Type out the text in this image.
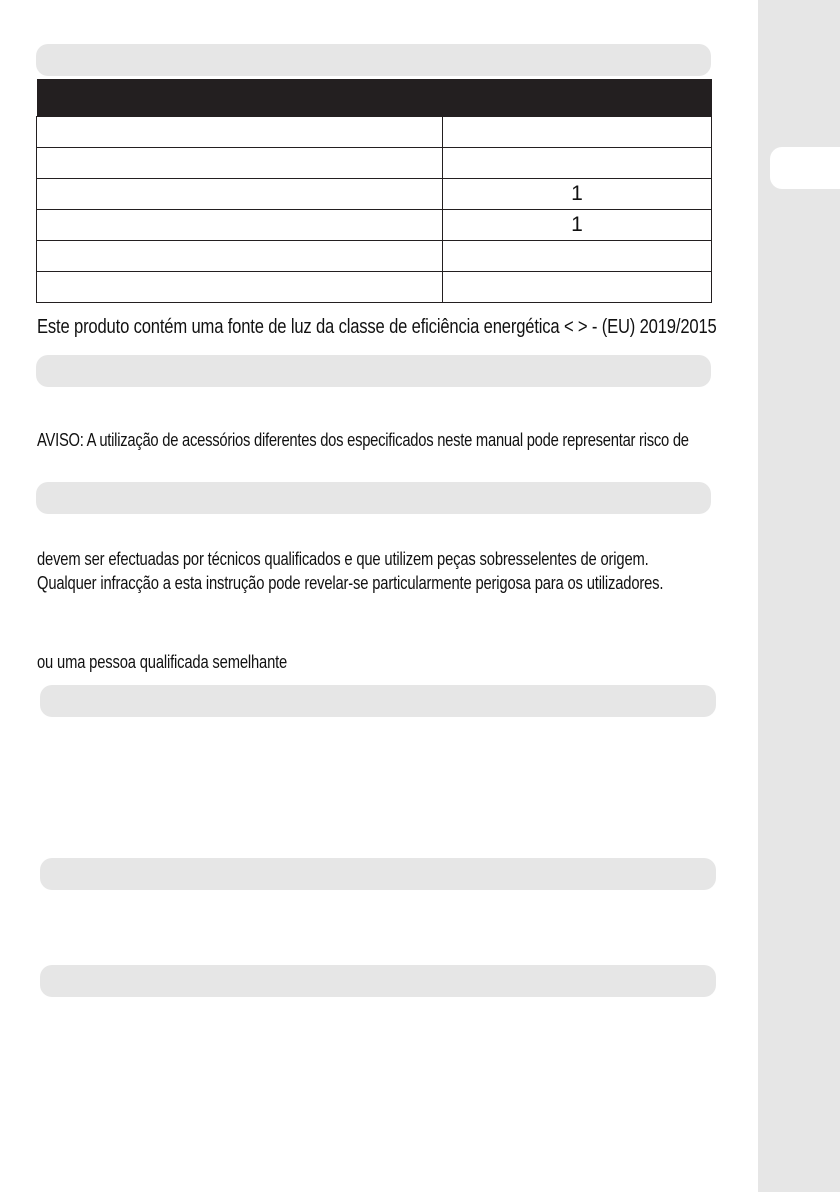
	1
	1

Este produto contém uma fonte de luz da classe de eficiência energética < > - (EU) 2019/2015
AVISO: A utilização de acessórios diferentes dos especificados neste manual pode representar risco de
devem ser efectuadas por técnicos qualificados e que utilizem peças sobresselentes de origem.
Qualquer infracção a esta instrução pode revelar-se particularmente perigosa para os utilizadores.
ou uma pessoa qualificada semelhante
